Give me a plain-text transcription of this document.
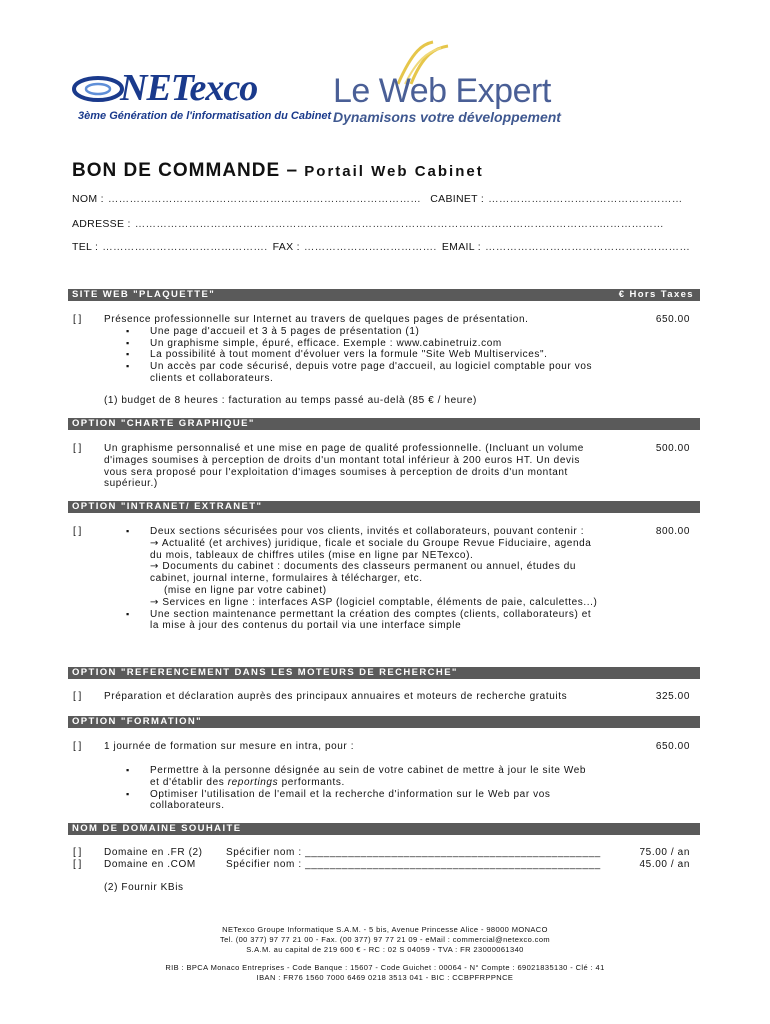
NETexco
3ème Génération de l'informatisation du Cabinet
Le Web Expert
Dynamisons votre développement
BON DE COMMANDE – Portail Web Cabinet
NOM : …………………………………………………………………………… CABINET : ………………………………………………
ADRESSE : …………………………………………………………………………………………………………………………………
TEL : ………………………………………. FAX : ………………………………. EMAIL : …………………………………………………
SITE WEB "PLAQUETTE"	€ Hors Taxes
[ ] Présence professionnelle sur Internet au travers de quelques pages de présentation.
▪ Une page d'accueil et 3 à 5 pages de présentation (1)
▪ Un graphisme simple, épuré, efficace. Exemple : www.cabinetruiz.com
▪ La possibilité à tout moment d'évoluer vers la formule "Site Web Multiservices".
▪ Un accès par code sécurisé, depuis votre page d'accueil, au logiciel comptable pour vos clients et collaborateurs.
650.00
(1) budget de 8 heures : facturation au temps passé au-delà (85 € / heure)
OPTION "CHARTE GRAPHIQUE"
[ ] Un graphisme personnalisé et une mise en page de qualité professionnelle. (Incluant un volume d'images soumises à perception de droits d'un montant total inférieur à 200 euros HT. Un devis vous sera proposé pour l'exploitation d'images soumises à perception de droits d'un montant supérieur.)
500.00
OPTION "INTRANET/ EXTRANET"
[ ]
▪	Deux sections sécurisées pour vos clients, invités et collaborateurs, pouvant contenir :
→ Actualité (et archives) juridique, ficale et sociale du Groupe Revue Fiduciaire, agenda du mois, tableaux de chiffres utiles (mise en ligne par NETexco).
→ Documents du cabinet : documents des classeurs permanent ou annuel, études du cabinet, journal interne, formulaires à télécharger, etc.
(mise en ligne par votre cabinet)
→ Services en ligne : interfaces ASP (logiciel comptable, éléments de paie, calculettes...)
▪ Une section maintenance permettant la création des comptes (clients, collaborateurs) et la mise à jour des contenus du portail via une interface simple
800.00
OPTION "REFERENCEMENT DANS LES MOTEURS DE RECHERCHE"
[ ] Préparation et déclaration auprès des principaux annuaires et moteurs de recherche gratuits	325.00
OPTION "FORMATION"
[ ] 1 journée de formation sur mesure en intra, pour :	650.00
▪ Permettre à la personne désignée au sein de votre cabinet de mettre à jour le site Web et d'établir des reportings performants.
▪ Optimiser l'utilisation de l'email et la recherche d'information sur le Web par vos collaborateurs.
NOM DE DOMAINE SOUHAITE
[ ]
[ ]
Domaine en .FR (2)
Domaine en .COM
Spécifier nom : ________________________________________________
Spécifier nom : ________________________________________________
75.00 / an
45.00 / an
(2) Fournir KBis
NETexco Groupe Informatique S.A.M. - 5 bis, Avenue Princesse Alice - 98000 MONACO
Tel. (00 377) 97 77 21 00 - Fax. (00 377) 97 77 21 09 - eMail : commercial@netexco.com
S.A.M. au capital de 219 600 € - RC : 02 S 04059 - TVA : FR 23000061340
RIB : BPCA Monaco Entreprises - Code Banque : 15607 - Code Guichet : 00064 - N° Compte : 69021835130 - Clé : 41
IBAN : FR76 1560 7000 6469 0218 3513 041 - BIC : CCBPFRPPNCE
